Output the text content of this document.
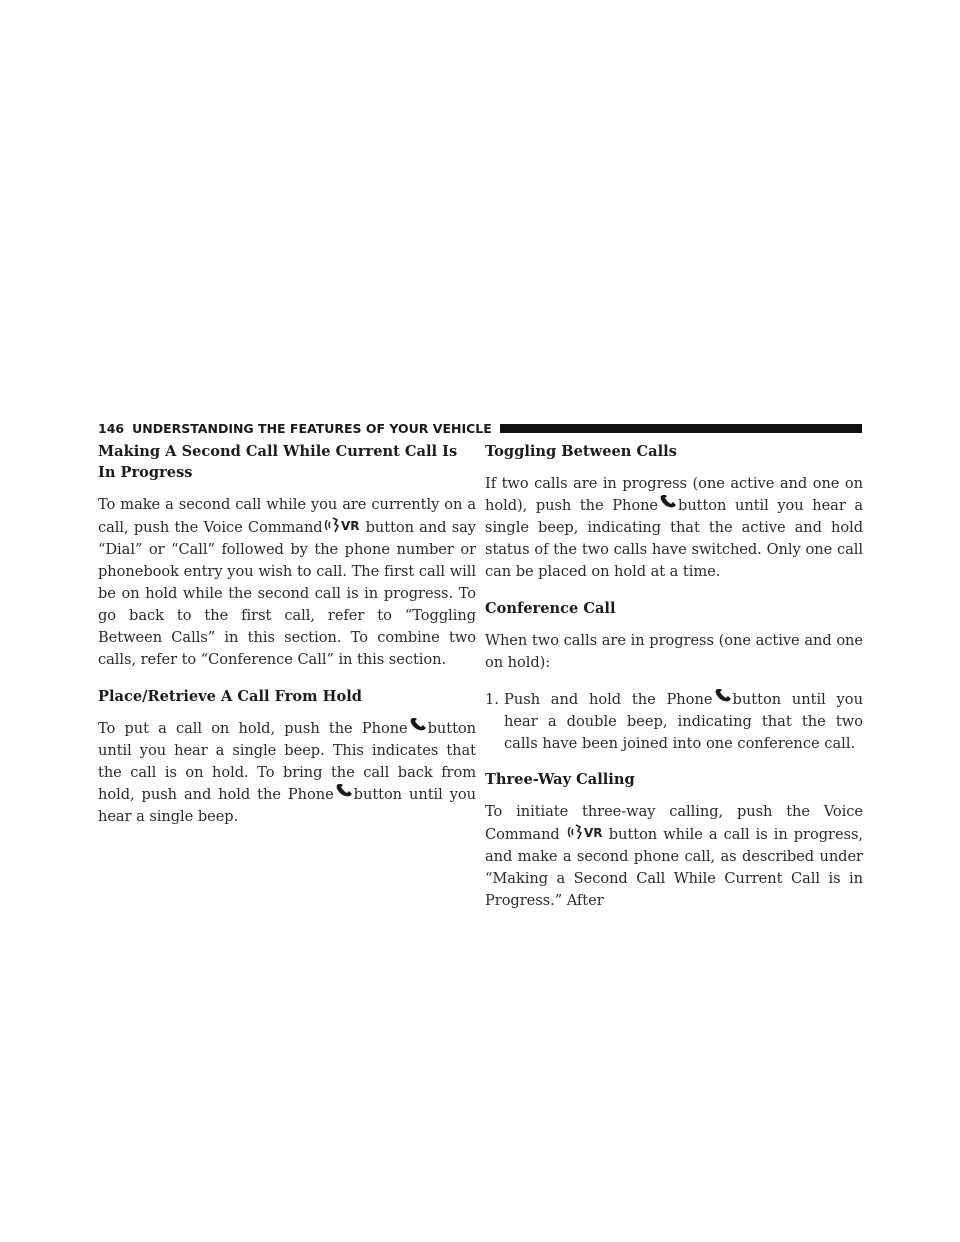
146 UNDERSTANDING THE FEATURES OF YOUR VEHICLE
Making A Second Call While Current Call Is In Progress

To make a second call while you are currently on a call, push the Voice Command VR button and say “Dial” or “Call” followed by the phone number or phonebook entry you wish to call. The first call will be on hold while the second call is in progress. To go back to the first call, refer to “Toggling Between Calls” in this section. To combine two calls, refer to “Conference Call” in this section.

Place/Retrieve A Call From Hold

To put a call on hold, push the Phone button until you hear a single beep. This indicates that the call is on hold. To bring the call back from hold, push and hold the Phone button until you hear a single beep.

Toggling Between Calls

If two calls are in progress (one active and one on hold), push the Phone button until you hear a single beep, indicating that the active and hold status of the two calls have switched. Only one call can be placed on hold at a time.

Conference Call

When two calls are in progress (one active and one on hold):

1. Push and hold the Phone button until you hear a double beep, indicating that the two calls have been joined into one conference call.
Three-Way Calling

To initiate three-way calling, push the Voice Command VR button while a call is in progress, and make a second phone call, as described under “Making a Second Call While Current Call is in Progress.” After
